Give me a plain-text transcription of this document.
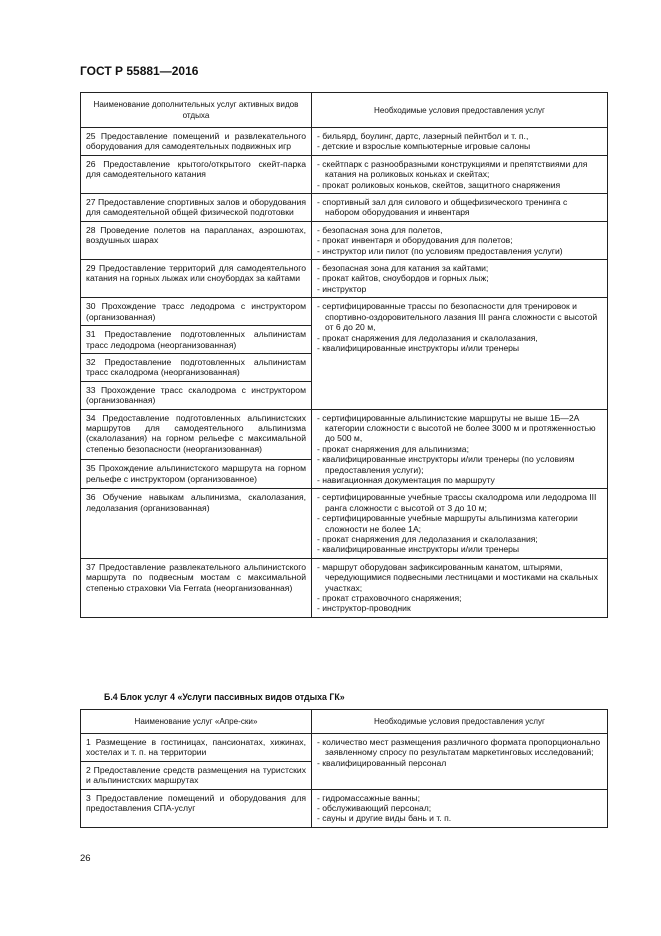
ГОСТ Р 55881—2016
Наименование дополнительных услуг активных видов отдыха	Необходимые условия предоставления услуг
25 Предоставление помещений и развлекательного оборудования для самодеятельных подвижных игр	- бильярд, боулинг, дартс, лазерный пейнтбол и т. п.,
- детские и взрослые компьютерные игровые салоны

26 Предоставление крытого/открытого скейт-парка для самодеятельного катания	- скейтпарк с разнообразными конструкциями и препятствиями для катания на роликовых коньках и скейтах;
- прокат роликовых коньков, скейтов, защитного снаряжения

27 Предоставление спортивных залов и оборудования для самодеятельной общей физической подготовки	- спортивный зал для силового и общефизического тренинга с набором оборудования и инвентаря

28 Проведение полетов на парапланах, аэрошютах, воздушных шарах	- безопасная зона для полетов,
- прокат инвентаря и оборудования для полетов;
- инструктор или пилот (по условиям предоставления услуги)

29 Предоставление территорий для самодеятельного катания на горных лыжах или сноубордах за кайтами	- безопасная зона для катания за кайтами;
- прокат кайтов, сноубордов и горных лыж;
- инструктор

30 Прохождение трасс ледодрома с инструктором (организованная)	- сертифицированные трассы по безопасности для тренировок и спортивно-оздоровительного лазания III ранга сложности с высотой от 6 до 20 м,
- прокат снаряжения для ледолазания и скалолазания,
- квалифицированные инструкторы и/или тренеры

31 Предоставление подготовленных альпинистам трасс ледодрома (неорганизованная)	
32 Предоставление подготовленных альпинистам трасс скалодрома (неорганизованная)	
33 Прохождение трасс скалодрома с инструктором (организованная)	
34 Предоставление подготовленных альпинистских маршрутов для самодеятельного альпинизма (скалолазания) на горном рельефе с максимальной степенью безопасности (неорганизованная)	- сертифицированные альпинистские маршруты не выше 1Б—2А категории сложности с высотой не более 3000 м и протяженностью до 500 м,
- прокат снаряжения для альпинизма;
- квалифицированные инструкторы и/или тренеры (по условиям предоставления услуги);
- навигационная документация по маршруту

35 Прохождение альпинистского маршрута на горном рельефе с инструктором (организованное)	
36 Обучение навыкам альпинизма, скалолазания, ледолазания (организованная)	- сертифицированные учебные трассы скалодрома или ледодрома III ранга сложности с высотой от 3 до 10 м;
- сертифицированные учебные маршруты альпинизма категории сложности не более 1А;
- прокат снаряжения для ледолазания и скалолазания;
- квалифицированные инструкторы и/или тренеры

37 Предоставление развлекательного альпинистского маршрута по подвесным мостам с максимальной степенью страховки Via Ferrata (неорганизованная)	- маршрут оборудован зафиксированным канатом, штырями, чередующимися подвесными лестницами и мостиками на скальных участках;
- прокат страховочного снаряжения;
- инструктор-проводник
Б.4 Блок услуг 4 «Услуги пассивных видов отдыха ГК»
Наименование услуг «Апре-ски»	Необходимые условия предоставления услуг
1 Размещение в гостиницах, пансионатах, хижинах, хостелах и т. п. на территории	- количество мест размещения различного формата пропорционально заявленному спросу по результатам маркетинговых исследований;
- квалифицированный персонал

2 Предоставление средств размещения на туристских и альпинистских маршрутах	
3 Предоставление помещений и оборудования для предоставления СПА-услуг	- гидромассажные ванны;
- обслуживающий персонал;
- сауны и другие виды бань и т. п.
26
